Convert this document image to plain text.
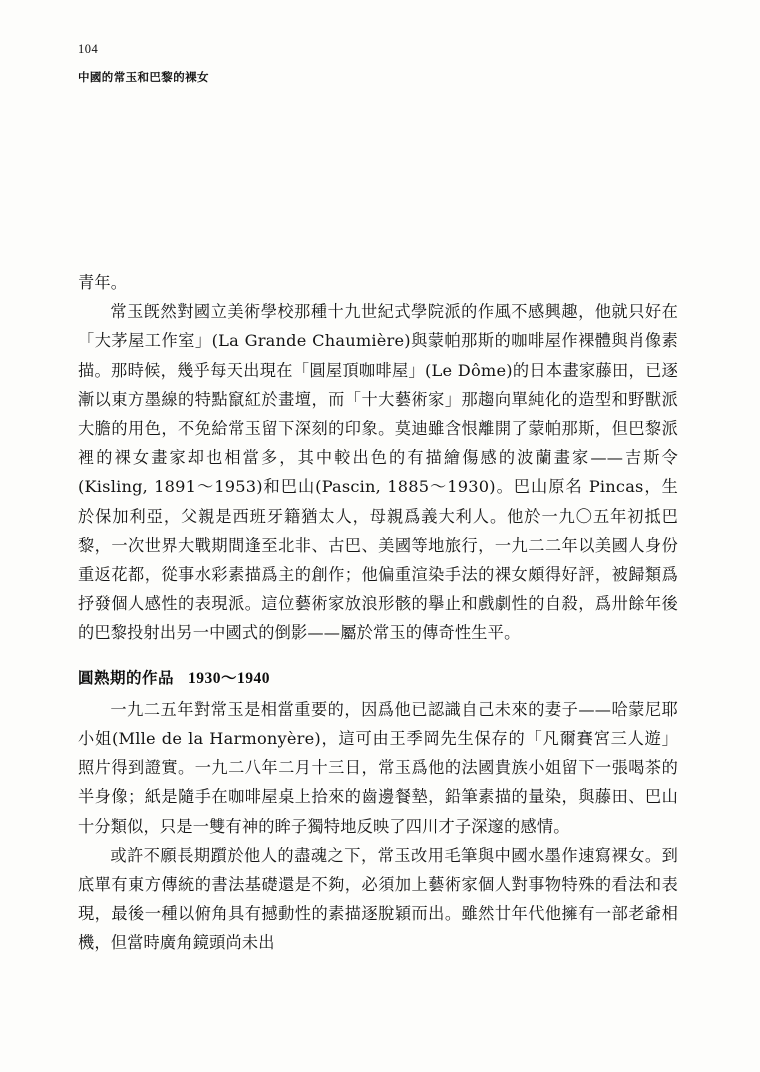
104
中國的常玉和巴黎的裸女

青年。

常玉旣然對國立美術學校那種十九世紀式學院派的作風不感興趣，他就只好在「大茅屋工作室」(La Grande Chaumière)與蒙帕那斯的咖啡屋作裸體與肖像素描。那時候，幾乎每天出現在「圓屋頂咖啡屋」(Le Dôme)的日本畫家藤田，已逐漸以東方墨線的特點竄紅於畫壇，而「十大藝術家」那趨向單純化的造型和野獸派大膽的用色，不免給常玉留下深刻的印象。莫迪雖含恨離開了蒙帕那斯，但巴黎派裡的裸女畫家却也相當多，其中較出色的有描繪傷感的波蘭畫家——吉斯令(Kisling, 1891～1953)和巴山(Pascin, 1885～1930)。巴山原名 Pincas，生於保加利亞，父親是西班牙籍猶太人，母親爲義大利人。他於一九〇五年初抵巴黎，一次世界大戰期間逢至北非、古巴、美國等地旅行，一九二二年以美國人身份重返花都，從事水彩素描爲主的創作；他偏重渲染手法的裸女頗得好評，被歸類爲抒發個人感性的表現派。這位藝術家放浪形骸的擧止和戲劇性的自殺，爲卅餘年後的巴黎投射出另一中國式的倒影——屬於常玉的傳奇性生平。

圓熟期的作品 1930～1940

一九二五年對常玉是相當重要的，因爲他已認識自己未來的妻子——哈蒙尼耶小姐(Mlle de la Harmonyère)，這可由王季岡先生保存的「凡爾賽宮三人遊」照片得到證實。一九二八年二月十三日，常玉爲他的法國貴族小姐留下一張喝茶的半身像；紙是隨手在咖啡屋桌上拾來的齒邊餐墊，鉛筆素描的量染，與藤田、巴山十分類似，只是一雙有神的眸子獨特地反映了四川才子深邃的感情。

或許不願長期躓於他人的盡魂之下，常玉改用毛筆與中國水墨作速寫裸女。到底單有東方傳統的書法基礎還是不夠，必須加上藝術家個人對事物特殊的看法和表現，最後一種以俯角具有撼動性的素描逐脫穎而出。雖然廿年代他擁有一部老爺相機，但當時廣角鏡頭尚未出
